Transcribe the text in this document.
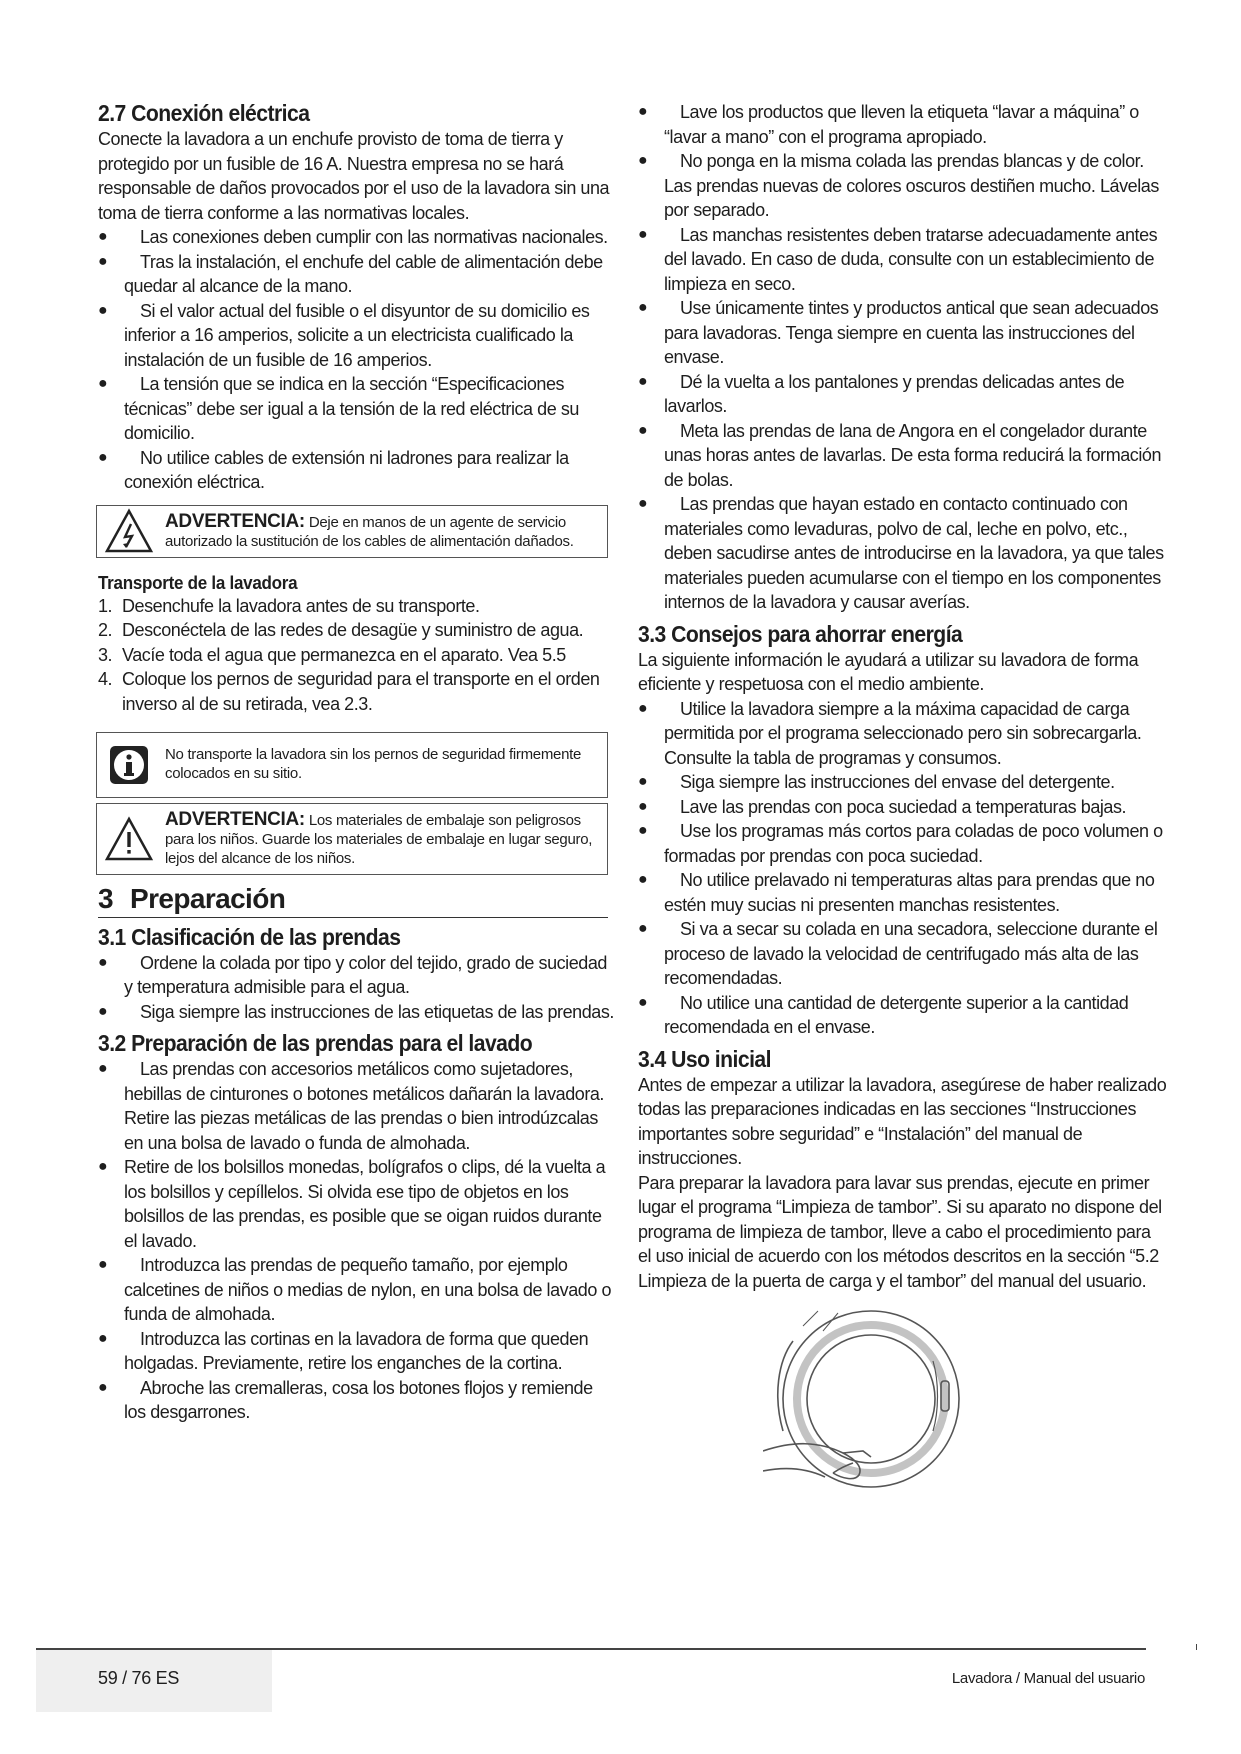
2.7 Conexión eléctrica

Conecte la lavadora a un enchufe provisto de toma de tierra y protegido por un fusible de 16 A. Nuestra empresa no se hará responsable de daños provocados por el uso de la lavadora sin una toma de tierra conforme a las normativas locales.

● Las conexiones deben cumplir con las normativas nacionales.
● Tras la instalación, el enchufe del cable de alimentación debe quedar al alcance de la mano.
● Si el valor actual del fusible o el disyuntor de su domicilio es inferior a 16 amperios, solicite a un electricista cualificado la instalación de un fusible de 16 amperios.
● La tensión que se indica en la sección “Especificaciones técnicas” debe ser igual a la tensión de la red eléctrica de su domicilio.
● No utilice cables de extensión ni ladrones para realizar la conexión eléctrica.
ADVERTENCIA: Deje en manos de un agente de servicio autorizado la sustitución de los cables de alimentación dañados.
Transporte de la lavadora
1. Desenchufe la lavadora antes de su transporte.
2. Desconéctela de las redes de desagüe y suministro de agua.
3. Vacíe toda el agua que permanezca en el aparato. Vea 5.5
4. Coloque los pernos de seguridad para el transporte en el orden inverso al de su retirada, vea 2.3.
No transporte la lavadora sin los pernos de seguridad firmemente colocados en su sitio.
ADVERTENCIA: Los materiales de embalaje son peligrosos para los niños. Guarde los materiales de embalaje en lugar seguro, lejos del alcance de los niños.
3 Preparación
3.1 Clasificación de las prendas
● Ordene la colada por tipo y color del tejido, grado de suciedad y temperatura admisible para el agua.
● Siga siempre las instrucciones de las etiquetas de las prendas.
3.2 Preparación de las prendas para el lavado
● Las prendas con accesorios metálicos como sujetadores, hebillas de cinturones o botones metálicos dañarán la lavadora. Retire las piezas metálicas de las prendas o bien introdúzcalas en una bolsa de lavado o funda de almohada.
● Retire de los bolsillos monedas, bolígrafos o clips, dé la vuelta a los bolsillos y cepíllelos. Si olvida ese tipo de objetos en los bolsillos de las prendas, es posible que se oigan ruidos durante el lavado.
● Introduzca las prendas de pequeño tamaño, por ejemplo calcetines de niños o medias de nylon, en una bolsa de lavado o funda de almohada.
● Introduzca las cortinas en la lavadora de forma que queden holgadas. Previamente, retire los enganches de la cortina.
● Abroche las cremalleras, cosa los botones flojos y remiende los desgarrones.
● Lave los productos que lleven la etiqueta “lavar a máquina” o “lavar a mano” con el programa apropiado.
● No ponga en la misma colada las prendas blancas y de color. Las prendas nuevas de colores oscuros destiñen mucho. Lávelas por separado.
● Las manchas resistentes deben tratarse adecuadamente antes del lavado. En caso de duda, consulte con un establecimiento de limpieza en seco.
● Use únicamente tintes y productos antical que sean adecuados para lavadoras. Tenga siempre en cuenta las instrucciones del envase.
● Dé la vuelta a los pantalones y prendas delicadas antes de lavarlos.
● Meta las prendas de lana de Angora en el congelador durante unas horas antes de lavarlas. De esta forma reducirá la formación de bolas.
● Las prendas que hayan estado en contacto continuado con materiales como levaduras, polvo de cal, leche en polvo, etc., deben sacudirse antes de introducirse en la lavadora, ya que tales materiales pueden acumularse con el tiempo en los componentes internos de la lavadora y causar averías.
3.3 Consejos para ahorrar energía

La siguiente información le ayudará a utilizar su lavadora de forma eficiente y respetuosa con el medio ambiente.

● Utilice la lavadora siempre a la máxima capacidad de carga permitida por el programa seleccionado pero sin sobrecargarla. Consulte la tabla de programas y consumos.
● Siga siempre las instrucciones del envase del detergente.
● Lave las prendas con poca suciedad a temperaturas bajas.
● Use los programas más cortos para coladas de poco volumen o formadas por prendas con poca suciedad.
● No utilice prelavado ni temperaturas altas para prendas que no estén muy sucias ni presenten manchas resistentes.
● Si va a secar su colada en una secadora, seleccione durante el proceso de lavado la velocidad de centrifugado más alta de las recomendadas.
● No utilice una cantidad de detergente superior a la cantidad recomendada en el envase.
3.4 Uso inicial

Antes de empezar a utilizar la lavadora, asegúrese de haber realizado todas las preparaciones indicadas en las secciones “Instrucciones importantes sobre seguridad” e “Instalación” del manual de instrucciones.

Para preparar la lavadora para lavar sus prendas, ejecute en primer lugar el programa “Limpieza de tambor”. Si su aparato no dispone del programa de limpieza de tambor, lleve a cabo el procedimiento para el uso inicial de acuerdo con los métodos descritos en la sección “5.2 Limpieza de la puerta de carga y el tambor” del manual del usuario.

59 / 76 ES	Lavadora / Manual del usuario
